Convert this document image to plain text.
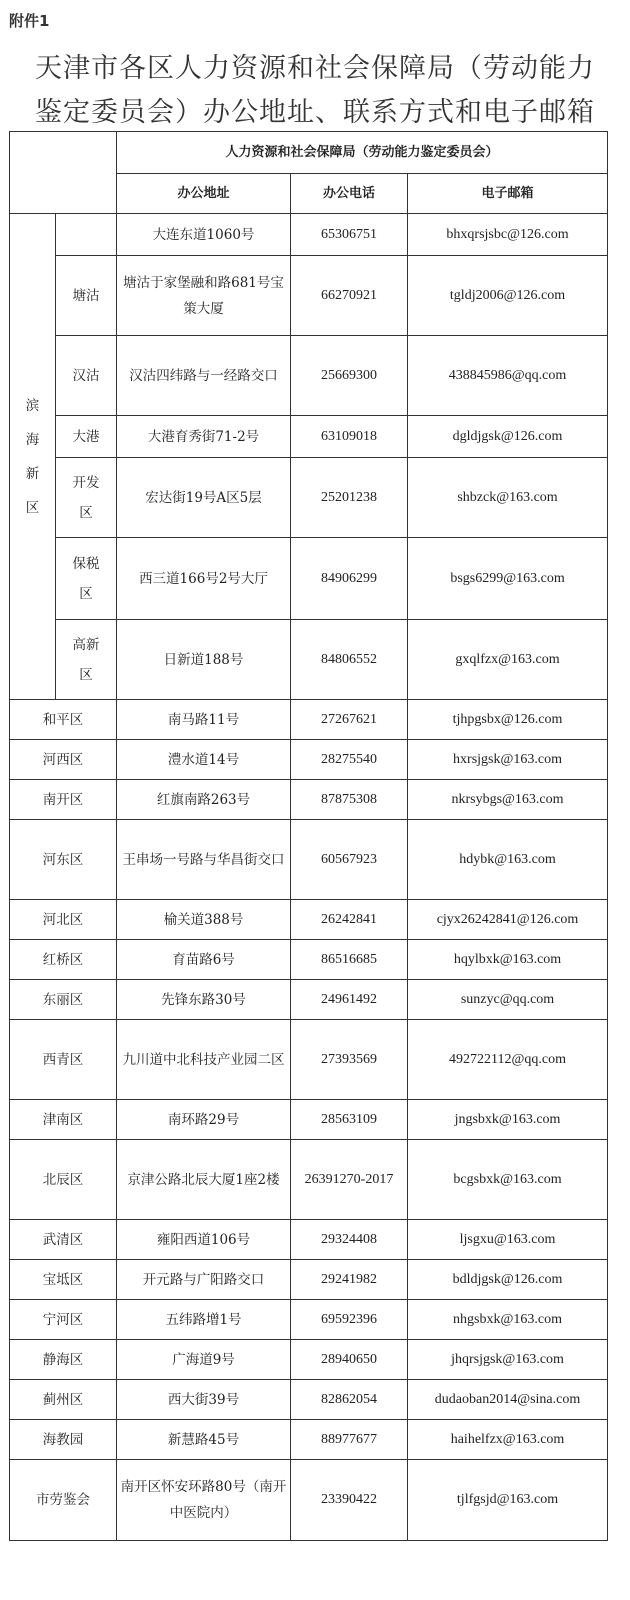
附件1
天津市各区人力资源和社会保障局（劳动能力
鉴定委员会）办公地址、联系方式和电子邮箱
		人力资源和社会保障局（劳动能力鉴定委员会）		
		办公地址	办公电话	电子邮箱
滨海新区		大连东道1060号	65306751	bhxqrsjsbc@126.com
	塘沽	塘沽于家堡融和路681号宝策大厦	66270921	tgldj2006@126.com
	汉沽	汉沽四纬路与一经路交口	25669300	438845986@qq.com
	大港	大港育秀街71-2号	63109018	dgldjgsk@126.com
	开发区	宏达街19号A区5层	25201238	shbzck@163.com
	保税区	西三道166号2号大厅	84906299	bsgs6299@163.com
	高新区	日新道188号	84806552	gxqlfzx@163.com
和平区		南马路11号	27267621	tjhpgsbx@126.com
河西区		澧水道14号	28275540	hxrsjgsk@163.com
南开区		红旗南路263号	87875308	nkrsybgs@163.com
河东区		王串场一号路与华昌街交口	60567923	hdybk@163.com
河北区		榆关道388号	26242841	cjyx26242841@126.com
红桥区		育苗路6号	86516685	hqylbxk@163.com
东丽区		先锋东路30号	24961492	sunzyc@qq.com
西青区		九川道中北科技产业园二区	27393569	492722112@qq.com
津南区		南环路29号	28563109	jngsbxk@163.com
北辰区		京津公路北辰大厦1座2楼	26391270-2017	bcgsbxk@163.com
武清区		雍阳西道106号	29324408	ljsgxu@163.com
宝坻区		开元路与广阳路交口	29241982	bdldjgsk@126.com
宁河区		五纬路增1号	69592396	nhgsbxk@163.com
静海区		广海道9号	28940650	jhqrsjgsk@163.com
蓟州区		西大街39号	82862054	dudaoban2014@sina.com
海教园		新慧路45号	88977677	haihelfzx@163.com
市劳鉴会		南开区怀安环路80号（南开中医院内）	23390422	tjlfgsjd@163.com
